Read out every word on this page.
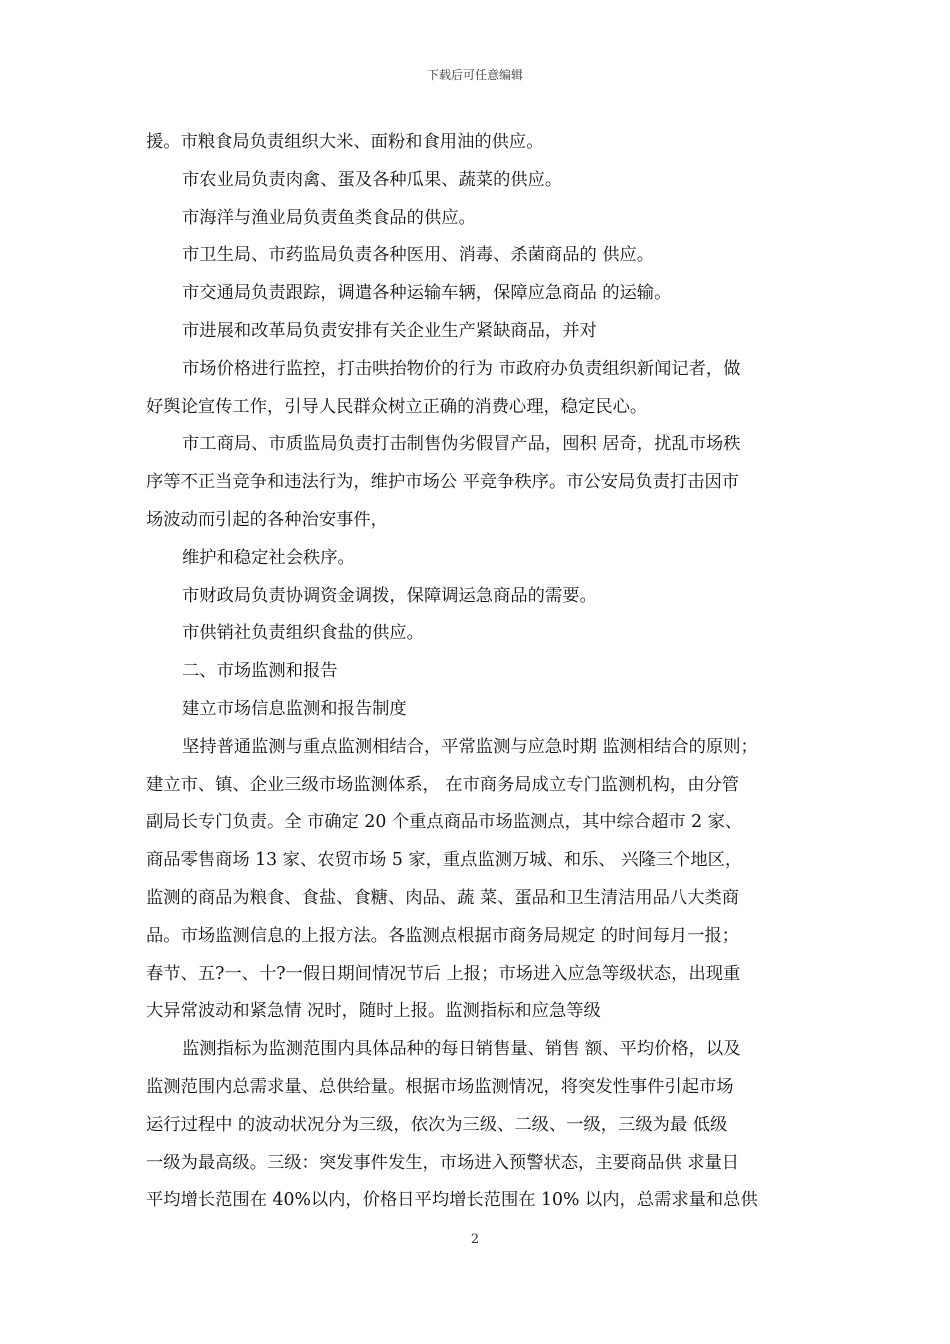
下载后可任意编辑
援。市粮食局负责组织大米、面粉和食用油的供应。
市农业局负责肉禽、蛋及各种瓜果、蔬菜的供应。
市海洋与渔业局负责鱼类食品的供应。
市卫生局、市药监局负责各种医用、消毒、杀菌商品的 供应。
市交通局负责跟踪，调遣各种运输车辆，保障应急商品 的运输。
市进展和改革局负责安排有关企业生产紧缺商品，并对
市场价格进行监控，打击哄抬物价的行为 市政府办负责组织新闻记者，做
好舆论宣传工作，引导人民群众树立正确的消费心理，稳定民心。
市工商局、市质监局负责打击制售伪劣假冒产品，囤积 居奇，扰乱市场秩
序等不正当竞争和违法行为，维护市场公 平竞争秩序。市公安局负责打击因市
场波动而引起的各种治安事件，
维护和稳定社会秩序。
市财政局负责协调资金调拨，保障调运急商品的需要。
市供销社负责组织食盐的供应。
二、市场监测和报告
建立市场信息监测和报告制度
坚持普通监测与重点监测相结合，平常监测与应急时期 监测相结合的原则；
建立市、镇、企业三级市场监测体系， 在市商务局成立专门监测机构，由分管
副局长专门负责。全 市确定 20 个重点商品市场监测点，其中综合超市 2 家、
商品零售商场 13 家、农贸市场 5 家，重点监测万城、和乐、 兴隆三个地区，
监测的商品为粮食、食盐、食糖、肉品、蔬 菜、蛋品和卫生清洁用品八大类商
品。市场监测信息的上报方法。各监测点根据市商务局规定 的时间每月一报；
春节、五?一、十?一假日期间情况节后 上报；市场进入应急等级状态，出现重
大异常波动和紧急情 况时，随时上报。监测指标和应急等级
监测指标为监测范围内具体品种的每日销售量、销售 额、平均价格，以及
监测范围内总需求量、总供给量。根据市场监测情况，将突发性事件引起市场
运行过程中 的波动状况分为三级，依次为三级、二级、一级，三级为最 低级
一级为最高级。三级：突发事件发生，市场进入预警状态，主要商品供 求量日
平均增长范围在 40%以内，价格日平均增长范围在 10% 以内，总需求量和总供
2
